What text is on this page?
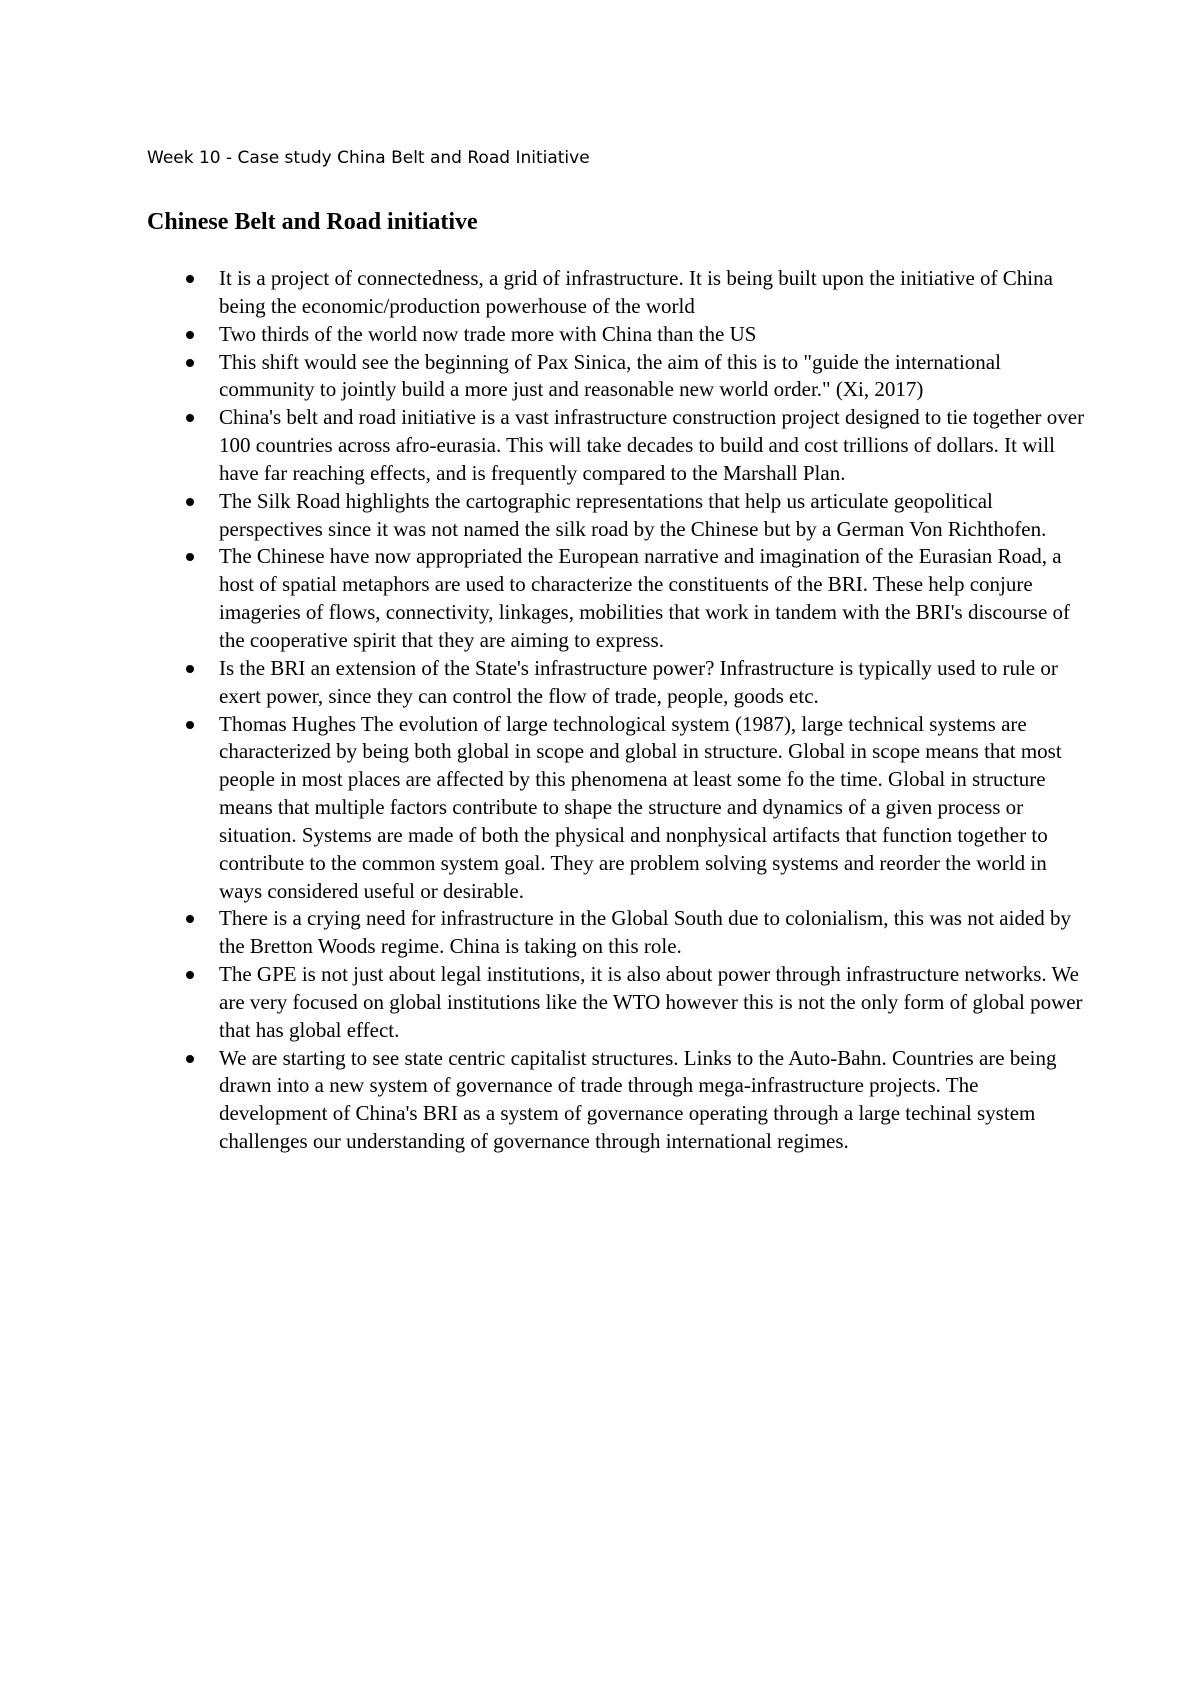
Week 10 - Case study China Belt and Road Initiative
Chinese Belt and Road initiative
It is a project of connectedness, a grid of infrastructure. It is being built upon the initiative of China being the economic/production powerhouse of the world
Two thirds of the world now trade more with China than the US
This shift would see the beginning of Pax Sinica, the aim of this is to "guide the international community to jointly build a more just and reasonable new world order." (Xi, 2017)
China's belt and road initiative is a vast infrastructure construction project designed to tie together over 100 countries across afro-eurasia. This will take decades to build and cost trillions of dollars. It will have far reaching effects, and is frequently compared to the Marshall Plan.
The Silk Road highlights the cartographic representations that help us articulate geopolitical perspectives since it was not named the silk road by the Chinese but by a German Von Richthofen.
The Chinese have now appropriated the European narrative and imagination of the Eurasian Road, a host of spatial metaphors are used to characterize the constituents of the BRI. These help conjure imageries of flows, connectivity, linkages, mobilities that work in tandem with the BRI's discourse of the cooperative spirit that they are aiming to express.
Is the BRI an extension of the State's infrastructure power? Infrastructure is typically used to rule or exert power, since they can control the flow of trade, people, goods etc.
Thomas Hughes The evolution of large technological system (1987), large technical systems are characterized by being both global in scope and global in structure. Global in scope means that most people in most places are affected by this phenomena at least some fo the time. Global in structure means that multiple factors contribute to shape the structure and dynamics of a given process or situation. Systems are made of both the physical and nonphysical artifacts that function together to contribute to the common system goal. They are problem solving systems and reorder the world in ways considered useful or desirable.
There is a crying need for infrastructure in the Global South due to colonialism, this was not aided by the Bretton Woods regime. China is taking on this role.
The GPE is not just about legal institutions, it is also about power through infrastructure networks. We are very focused on global institutions like the WTO however this is not the only form of global power that has global effect.
We are starting to see state centric capitalist structures. Links to the Auto-Bahn. Countries are being drawn into a new system of governance of trade through mega-infrastructure projects. The development of China's BRI as a system of governance operating through a large techinal system challenges our understanding of governance through international regimes.
